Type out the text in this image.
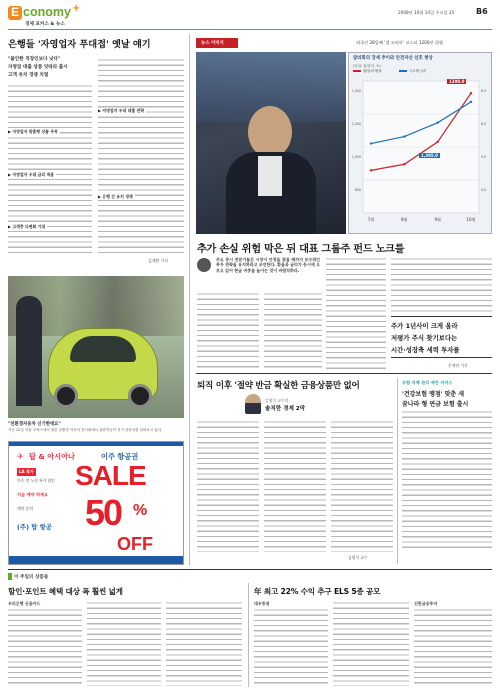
E conomy +
경제 포커스 & 뉴스
2008년 10월 14일 수요일 35	B6
은행들 '자영업자 푸대접' 옛날 얘기
"불안한 직장인보다 낫다"
자영업 대출 상품 잇따라 출시
고객 유치 경쟁 치열
▶ 자영업자 맞춤형 상품 주목
▶ 자영업자 우대 금리 적용
▶ 고객층 다변화 기대
▶ 자영업자 우대 대출 전략
▶ 은행 간 유치 경쟁
김재환 기자
"친환경자동차 신기한데요"
지난 12일 서울 코엑스에서 열린 친환경 자동차 전시회에서 관람객들이 전기 자동차를 살펴보고 있다.
✈ 탑 & 아시아나	이주 항공권
LA 특가
미주 전 노선 특가 할인
지금 예약 하세요
예약 문의
(주) 탑 항공
SALE
50 %
OFF
뉴스 이미지	외국인 28일째 '셀 코리아' 코스피 1200선 위협
달러화의 강세 추이와 안전자산 선호 현상
(단위: 원/달러, %)
원/달러 환율	국고채 금리
1,400
1,200
1,000
800
6.5
6.0
5.5
5.0
7월	8월	9월	10월
1390.0
1,395.0
추가 손실 위험 막은 뒤 대표 그룹주 펀드 노크를
주요 증시 전문가들은 시장이 안정을 찾을 때까지 보수적인 투자 전략을 유지하라고 조언한다. 환율과 금리가 동시에 오르고 있어 현금 비중을 높이는 것이 바람직하다.
주가 1년사이 크게 올라
저평가 주식 찾기보다는
시간·성장축 세력 투자를
문재연 기자
퇴직 이후 '절약 반금 확실한 금융상품만 없어
김영석 교수의
솔직한 경제 2막
김영석 교수
보험 자체 관리 제안 서비스
'건강보험 맹점' 맞춘 새
꿈나라 형 연금 보험 출시
이 주일의 상품들
할인·포인트 혜택 대상 폭 훨씬 넓게
우리은행 신용카드
年 최고 22% 수익 추구 ELS 5종 공모
대우증권	신한금융투자
